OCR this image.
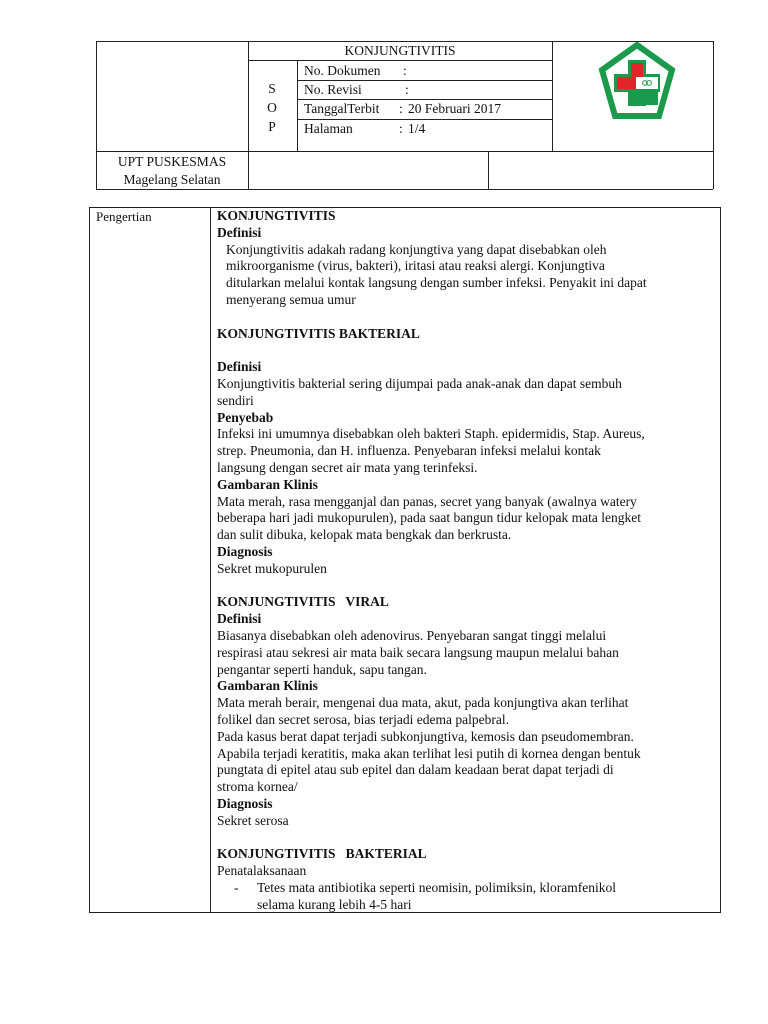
KONJUNGTIVITIS
S
O
P
No. Dokumen :
No. Revisi	:
TanggalTerbit : 20 Februari 2017
Halaman	: 1/4
UPT PUSKESMAS
Magelang Selatan
Pengertian	KONJUNGTIVITIS

Definisi

Konjungtivitis adakah radang konjungtiva yang dapat disebabkan oleh

mikroorganisme (virus, bakteri), iritasi atau reaksi alergi. Konjungtiva

ditularkan melalui kontak langsung dengan sumber infeksi. Penyakit ini dapat

menyerang semua umur

KONJUNGTIVITIS BAKTERIAL

Definisi

Konjungtivitis bakterial sering dijumpai pada anak-anak dan dapat sembuh

sendiri

Penyebab

Infeksi ini umumnya disebabkan oleh bakteri Staph. epidermidis, Stap. Aureus,

strep. Pneumonia, dan H. influenza. Penyebaran infeksi melalui kontak

langsung dengan secret air mata yang terinfeksi.

Gambaran Klinis

Mata merah, rasa mengganjal dan panas, secret yang banyak (awalnya watery

beberapa hari jadi mukopurulen), pada saat bangun tidur kelopak mata lengket

dan sulit dibuka, kelopak mata bengkak dan berkrusta.

Diagnosis

Sekret mukopurulen

KONJUNGTIVITIS   VIRAL

Definisi

Biasanya disebabkan oleh adenovirus. Penyebaran sangat tinggi melalui

respirasi atau sekresi air mata baik secara langsung maupun melalui bahan

pengantar seperti handuk, sapu tangan.

Gambaran Klinis

Mata merah berair, mengenai dua mata, akut, pada konjungtiva akan terlihat

folikel dan secret serosa, bias terjadi edema palpebral.

Pada kasus berat dapat terjadi subkonjungtiva, kemosis dan pseudomembran.

Apabila terjadi keratitis, maka akan terlihat lesi putih di kornea dengan bentuk

pungtata di epitel atau sub epitel dan dalam keadaan berat dapat terjadi di

stroma kornea/

Diagnosis

Sekret serosa

KONJUNGTIVITIS   BAKTERIAL

Penatalaksanaan

- Tetes mata antibiotika seperti neomisin, polimiksin, kloramfenikol

selama kurang lebih 4-5 hari
